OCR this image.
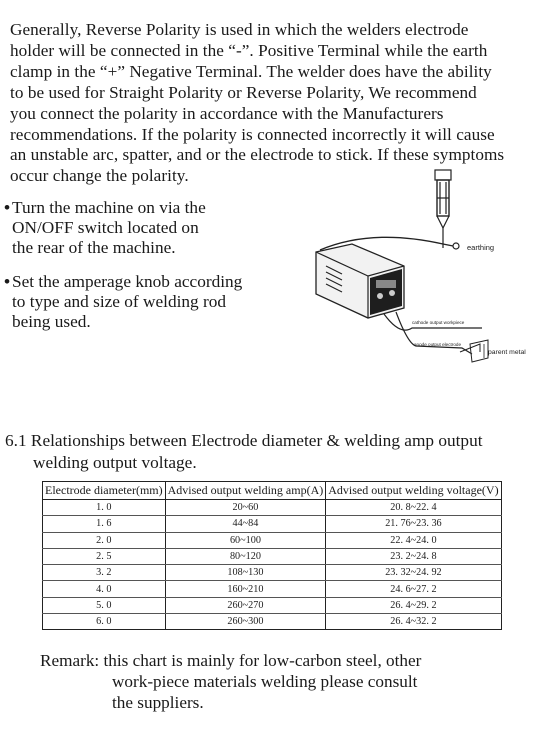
Generally, Reverse Polarity is used in which the welders electrode
holder will be connected in the “-”. Positive Terminal while the earth
clamp in the “+” Negative Terminal. The welder does have the ability
to be used for Straight Polarity or Reverse Polarity, We recommend
you connect the polarity in accordance with the Manufacturers
recommendations. If the polarity is connected incorrectly it will cause
an unstable arc, spatter, and or the electrode to stick. If these symptoms
occur change the polarity.
• Turn the machine on via the
ON/OFF switch located on
the rear of the machine.
• Set the amperage knob according
to type and size of welding rod
being used.
earthing
cathode output workpiece
anode output electrode
parent metal
6.1 Relationships between Electrode diameter & welding amp output
welding output voltage.
Electrode diameter(mm)	Advised output welding amp(A)	Advised output welding voltage(V)
1. 0	20~60	20. 8~22. 4
1. 6	44~84	21. 76~23. 36
2. 0	60~100	22. 4~24. 0
2. 5	80~120	23. 2~24. 8
3. 2	108~130	23. 32~24. 92
4. 0	160~210	24. 6~27. 2
5. 0	260~270	26. 4~29. 2
6. 0	260~300	26. 4~32. 2
Remark: this chart is mainly for low-carbon steel, other
work-piece materials welding please consult
the suppliers.
